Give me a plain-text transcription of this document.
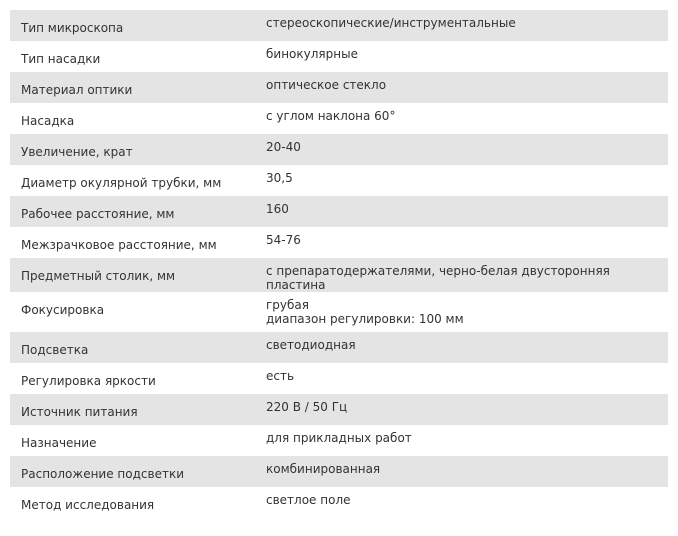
Тип микроскопа	стереоскопические/инструментальные
Тип насадки	бинокулярные
Материал оптики	оптическое стекло
Насадка	с углом наклона 60°
Увеличение, крат	20-40
Диаметр окулярной трубки, мм	30,5
Рабочее расстояние, мм	160
Межзрачковое расстояние, мм	54-76
Предметный столик, мм	с препаратодержателями, черно-белая двусторонняя пластина
Фокусировка	грубая
диапазон регулировки: 100 мм

Подсветка	светодиодная
Регулировка яркости	есть
Источник питания	220 В / 50 Гц
Назначение	для прикладных работ
Расположение подсветки	комбинированная
Метод исследования	светлое поле
